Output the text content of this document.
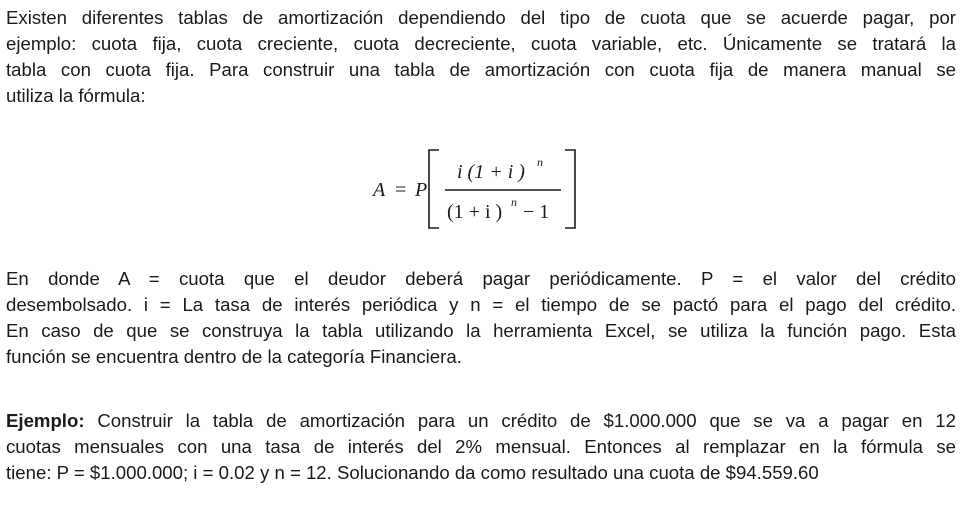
Existen diferentes tablas de amortización dependiendo del tipo de cuota que se acuerde pagar, por
ejemplo: cuota fija, cuota creciente, cuota decreciente, cuota variable, etc. Únicamente se tratará la
tabla con cuota fija. Para construir una tabla de amortización con cuota fija de manera manual se
utiliza la fórmula:
A = P
i (1 + i ) n
(1 + i ) n − 1
En donde A = cuota que el deudor deberá pagar periódicamente. P = el valor del crédito
desembolsado. i = La tasa de interés periódica y n = el tiempo de se pactó para el pago del crédito.
En caso de que se construya la tabla utilizando la herramienta Excel, se utiliza la función pago. Esta
función se encuentra dentro de la categoría Financiera.
Ejemplo: Construir la tabla de amortización para un crédito de $1.000.000 que se va a pagar en 12
cuotas mensuales con una tasa de interés del 2% mensual. Entonces al remplazar en la fórmula se
tiene: P = $1.000.000; i = 0.02 y n = 12. Solucionando da como resultado una cuota de $94.559.60
